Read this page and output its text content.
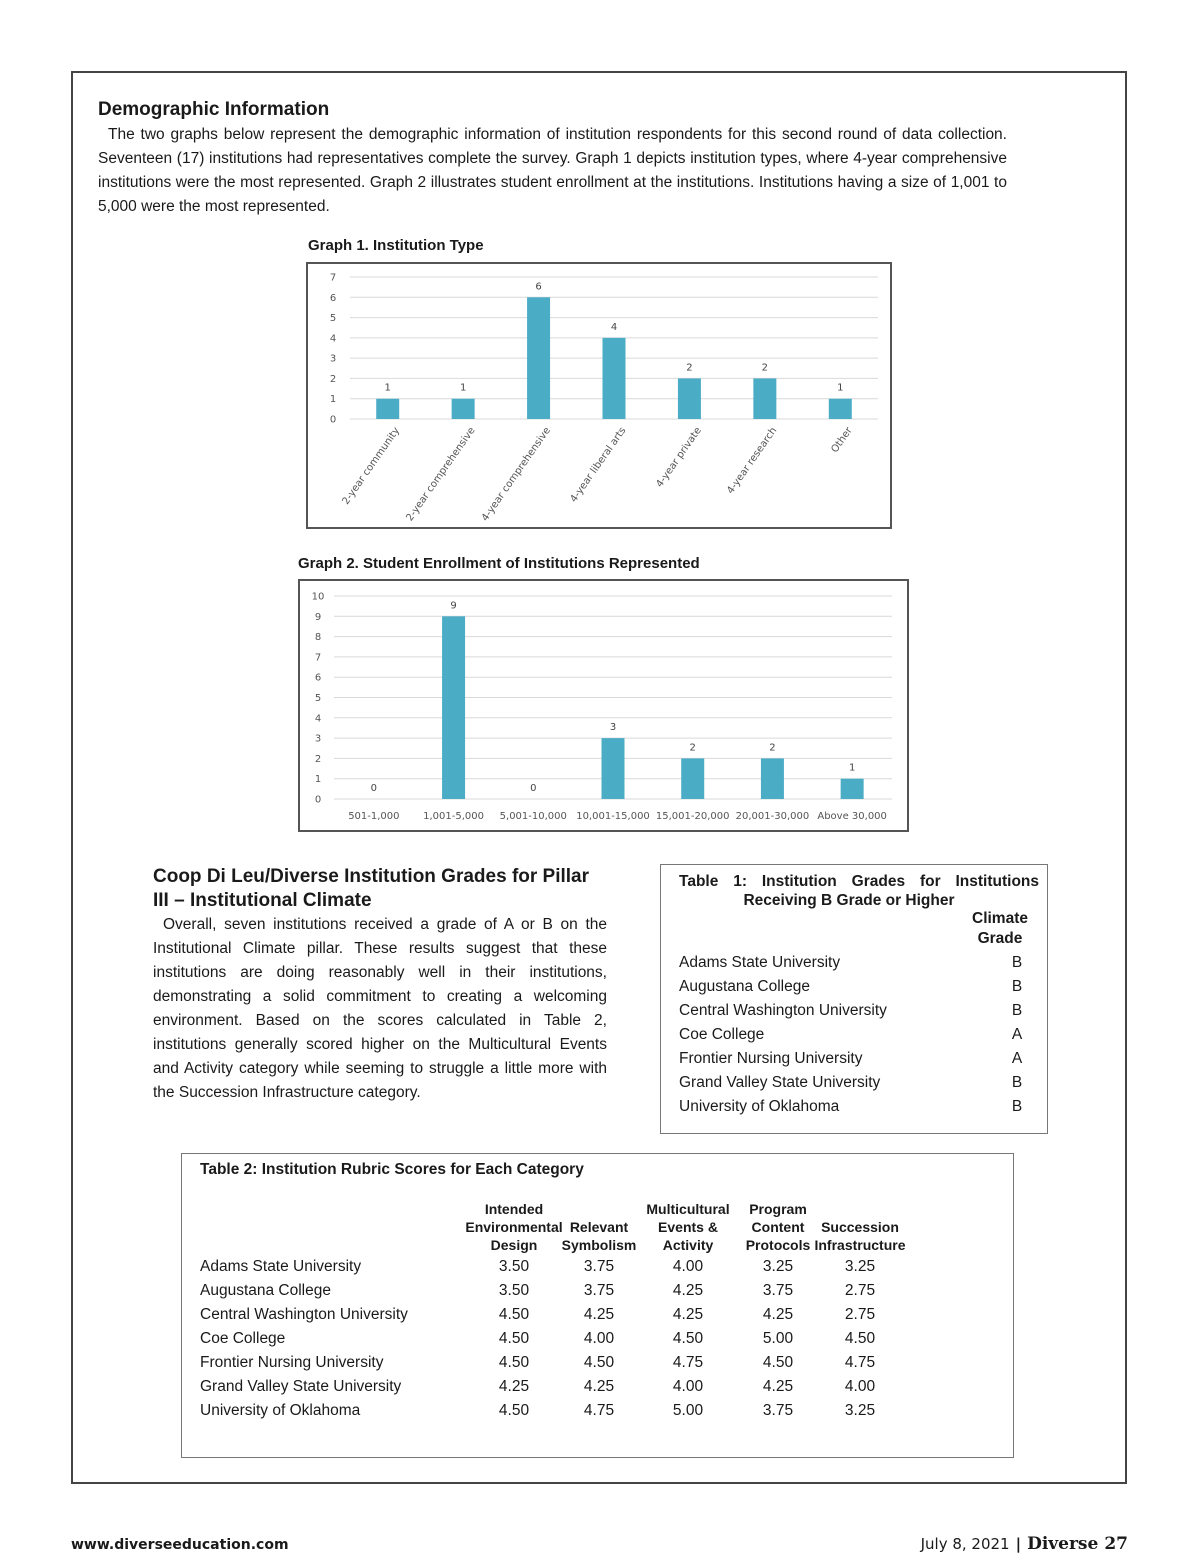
Demographic Information
The two graphs below represent the demographic information of institution respondents for this second round of data collection. Seventeen (17) institutions had representatives complete the survey. Graph 1 depicts institution types, where 4-year comprehensive institutions were the most represented. Graph 2 illustrates student enrollment at the institutions. Institutions having a size of 1,001 to 5,000 were the most represented.
Graph 1. Institution Type
0
1
2
3
4
5
6
7
1
2-year community
1
2-year comprehensive
6
4-year comprehensive
4
4-year liberal arts
2
4-year private
2
4-year research
1
Other
Graph 2. Student Enrollment of Institutions Represented
0
1
2
3
4
5
6
7
8
9
10
0
501-1,000
9
1,001-5,000
0
5,001-10,000
3
10,001-15,000
2
15,001-20,000
2
20,001-30,000
1
Above 30,000
Coop Di Leu/Diverse Institution Grades for Pillar III – Institutional Climate
Overall, seven institutions received a grade of A or B on the Institutional Climate pillar. These results suggest that these institutions are doing reasonably well in their institutions, demonstrating a solid commitment to creating a welcoming environment. Based on the scores calculated in Table 2, institutions generally scored higher on the Multicultural Events and Activity category while seeming to struggle a little more with the Succession Infrastructure category.
Table 1: Institution Grades for Institutions
Receiving B Grade or Higher
Climate
Grade
Adams State University	B
Augustana College	B
Central Washington University	B
Coe College	A
Frontier Nursing University	A
Grand Valley State University	B
University of Oklahoma	B
Table 2: Institution Rubric Scores for Each Category
Intended
Environmental
Design

Relevant
Symbolism
Multicultural
Events &
Activity
Program
Content
Protocols

Succession
Infrastructure
Adams State University	3.50	3.75	4.00	3.25	3.25
Augustana College	3.50	3.75	4.25	3.75	2.75
Central Washington University	4.50	4.25	4.25	4.25	2.75
Coe College	4.50	4.00	4.50	5.00	4.50
Frontier Nursing University	4.50	4.50	4.75	4.50	4.75
Grand Valley State University	4.25	4.25	4.00	4.25	4.00
University of Oklahoma	4.50	4.75	5.00	3.75	3.25
www.diverseeducation.com	July 8, 2021 | Diverse 27
